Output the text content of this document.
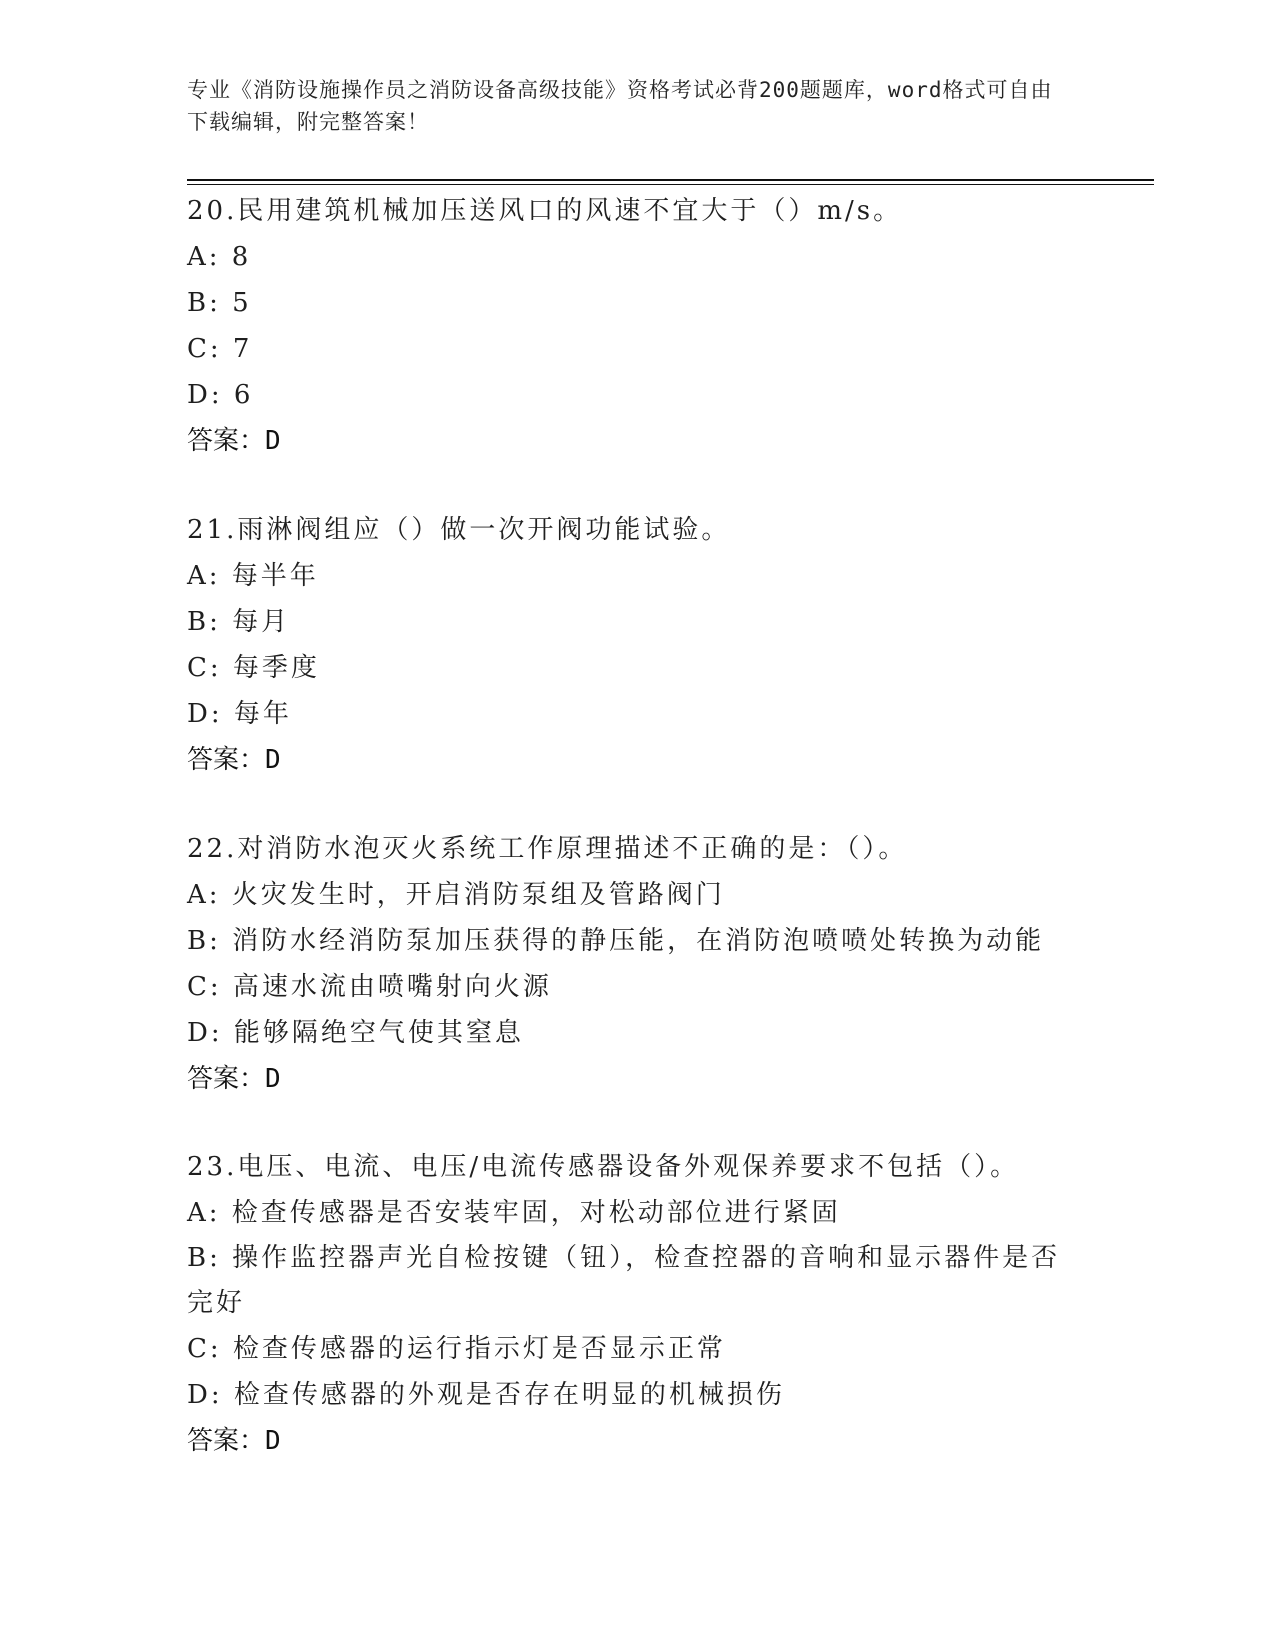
专业《消防设施操作员之消防设备高级技能》资格考试必背200题题库，word格式可自由下载编辑，附完整答案！
20.民用建筑机械加压送风口的风速不宜大于（）m/s。
A: 8
B: 5
C: 7
D: 6
答案：D
21.雨淋阀组应（）做一次开阀功能试验。
A: 每半年
B: 每月
C: 每季度
D: 每年
答案：D
22.对消防水泡灭火系统工作原理描述不正确的是：（）。
A: 火灾发生时，开启消防泵组及管路阀门
B: 消防水经消防泵加压获得的静压能，在消防泡喷喷处转换为动能
C: 高速水流由喷嘴射向火源
D: 能够隔绝空气使其窒息
答案：D
23.电压、电流、电压/电流传感器设备外观保养要求不包括（）。
A: 检查传感器是否安装牢固，对松动部位进行紧固
B: 操作监控器声光自检按键（钮），检查控器的音响和显示器件是否完好
C: 检查传感器的运行指示灯是否显示正常
D: 检查传感器的外观是否存在明显的机械损伤
答案：D
